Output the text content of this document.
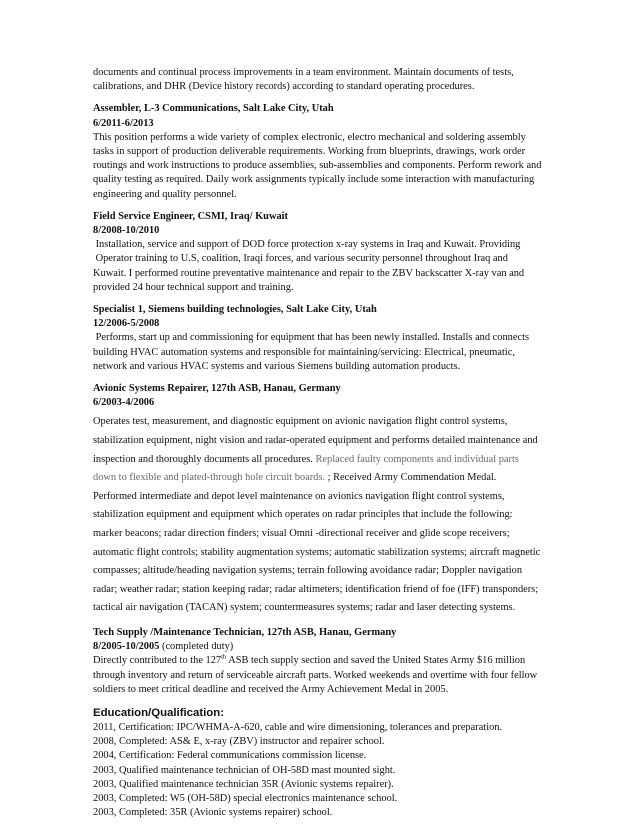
documents and continual process improvements in a team environment. Maintain documents of tests,

calibrations, and DHR (Device history records) according to standard operating procedures.

Assembler, L-3 Communications, Salt Lake City, Utah

6/2011-6/2013

This position performs a wide variety of complex electronic, electro mechanical and soldering assembly

tasks in support of production deliverable requirements. Working from blueprints, drawings, work order

routings and work instructions to produce assemblies, sub-assemblies and components. Perform rework and

quality testing as required. Daily work assignments typically include some interaction with manufacturing

engineering and quality personnel.

Field Service Engineer, CSMI, Iraq/ Kuwait

8/2008-10/2010

Installation, service and support of DOD force protection x-ray systems in Iraq and Kuwait. Providing

Operator training to U.S, coalition, Iraqi forces, and various security personnel throughout Iraq and

Kuwait. I performed routine preventative maintenance and repair to the ZBV backscatter X-ray van and

provided 24 hour technical support and training.

Specialist 1, Siemens building technologies, Salt Lake City, Utah

12/2006-5/2008

Performs, start up and commissioning for equipment that has been newly installed. Installs and connects

building HVAC automation systems and responsible for maintaining/servicing: Electrical, pneumatic,

network and various HVAC systems and various Siemens building automation products.

Avionic Systems Repairer, 127th ASB, Hanau, Germany

6/2003-4/2006

Operates test, measurement, and diagnostic equipment on avionic navigation flight control systems,

stabilization equipment, night vision and radar-operated equipment and performs detailed maintenance and

inspection and thoroughly documents all procedures. Replaced faulty components and individual parts

down to flexible and plated-through hole circuit boards. ; Received Army Commendation Medal.

Performed intermediate and depot level maintenance on avionics navigation flight control systems,

stabilization equipment and equipment which operates on radar principles that include the following:

marker beacons; radar direction finders; visual Omni -directional receiver and glide scope receivers;

automatic flight controls; stability augmentation systems; automatic stabilization systems; aircraft magnetic

compasses; altitude/heading navigation systems; terrain following avoidance radar; Doppler navigation

radar; weather radar; station keeping radar; radar altimeters; identification friend of foe (IFF) transponders;

tactical air navigation (TACAN) system; countermeasures systems; radar and laser detecting systems.

Tech Supply /Maintenance Technician, 127th ASB, Hanau, Germany

8/2005-10/2005 (completed duty)

Directly contributed to the 127th ASB tech supply section and saved the United States Army $16 million

through inventory and return of serviceable aircraft parts. Worked weekends and overtime with four fellow

soldiers to meet critical deadline and received the Army Achievement Medal in 2005.

Education/Qualification:

2011, Certification: IPC/WHMA-A-620, cable and wire dimensioning, tolerances and preparation.

2008, Completed: AS& E, x-ray (ZBV) instructor and repairer school.

2004, Certification: Federal communications commission license.

2003, Qualified maintenance technician of OH-58D mast mounted sight.

2003, Qualified maintenance technician 35R (Avionic systems repairer).

2003, Completed: W5 (OH-58D) special electronics maintenance school.

2003, Completed: 35R (Avionic systems repairer) school.
